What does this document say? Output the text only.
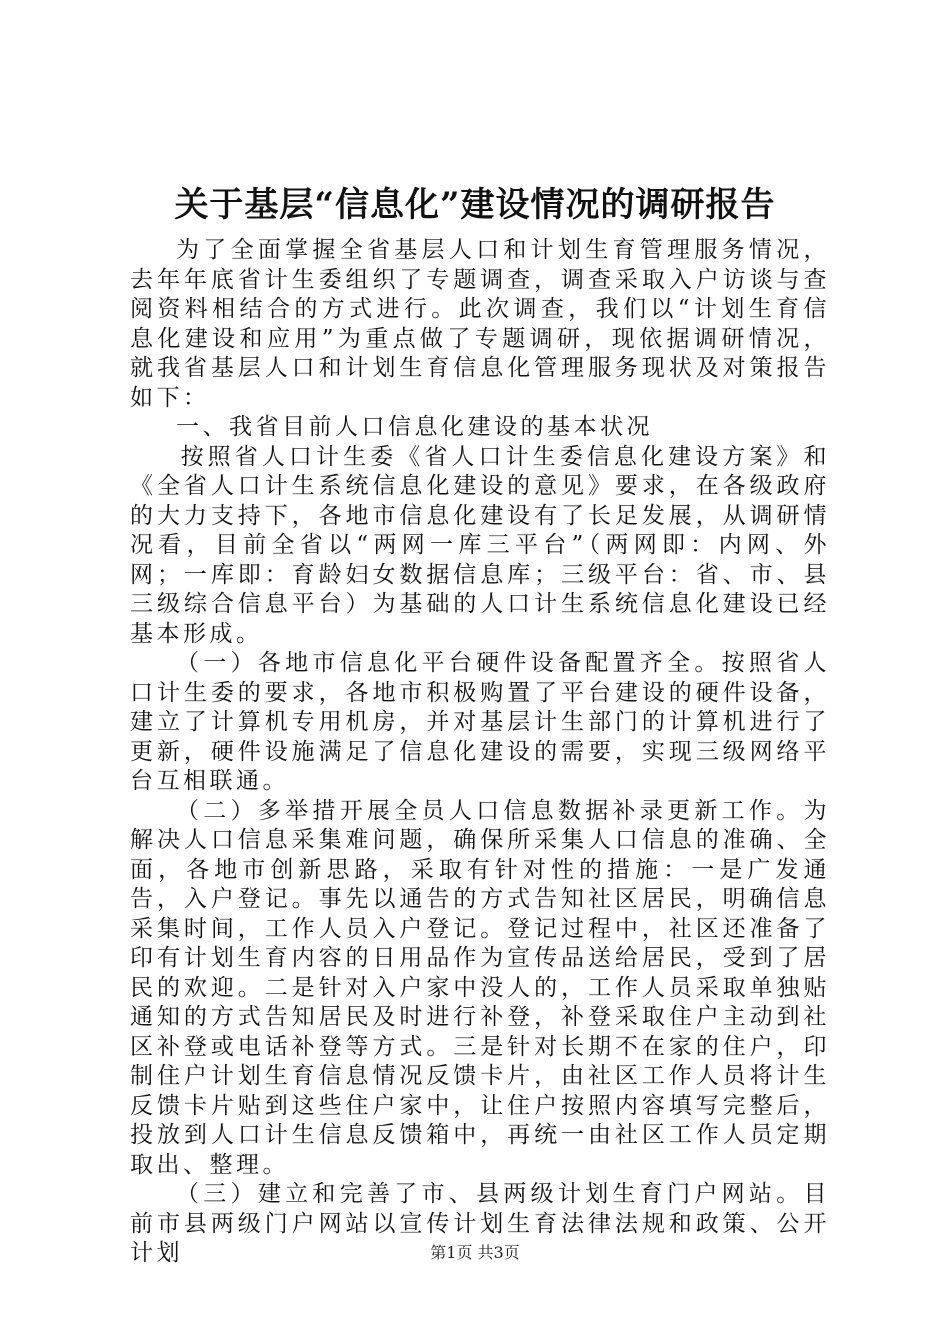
关于基层“信息化”建设情况的调研报告

为了全面掌握全省基层人口和计划生育管理服务情况，去年年底省计生委组织了专题调查，调查采取入户访谈与查阅资料相结合的方式进行。此次调查，我们以“计划生育信息化建设和应用”为重点做了专题调研，现依据调研情况，就我省基层人口和计划生育信息化管理服务现状及对策报告如下：

一、我省目前人口信息化建设的基本状况

按照省人口计生委《省人口计生委信息化建设方案》和《全省人口计生系统信息化建设的意见》要求，在各级政府的大力支持下，各地市信息化建设有了长足发展，从调研情况看，目前全省以“两网一库三平台”（两网即：内网、外网；一库即：育龄妇女数据信息库；三级平台：省、市、县三级综合信息平台）为基础的人口计生系统信息化建设已经基本形成。

（一）各地市信息化平台硬件设备配置齐全。按照省人口计生委的要求，各地市积极购置了平台建设的硬件设备，建立了计算机专用机房，并对基层计生部门的计算机进行了更新，硬件设施满足了信息化建设的需要，实现三级网络平台互相联通。

（二）多举措开展全员人口信息数据补录更新工作。为解决人口信息采集难问题，确保所采集人口信息的准确、全面，各地市创新思路，采取有针对性的措施：一是广发通告，入户登记。事先以通告的方式告知社区居民，明确信息采集时间，工作人员入户登记。登记过程中，社区还准备了印有计划生育内容的日用品作为宣传品送给居民，受到了居民的欢迎。二是针对入户家中没人的，工作人员采取单独贴通知的方式告知居民及时进行补登，补登采取住户主动到社区补登或电话补登等方式。三是针对长期不在家的住户，印制住户计划生育信息情况反馈卡片，由社区工作人员将计生反馈卡片贴到这些住户家中，让住户按照内容填写完整后，投放到人口计生信息反馈箱中，再统一由社区工作人员定期取出、整理。

（三）建立和完善了市、县两级计划生育门户网站。目前市县两级门户网站以宣传计划生育法律法规和政策、公开计划	第1页 共3页
